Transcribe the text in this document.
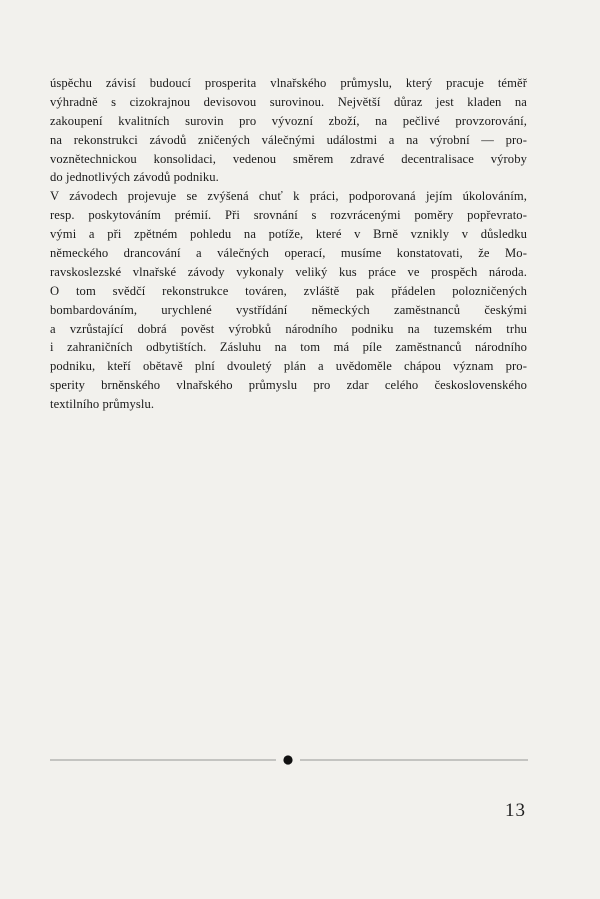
úspěchu závisí budoucí prosperita vlnařského průmyslu, který pracuje téměř
výhradně s cizokrajnou devisovou surovinou. Největší důraz jest kladen na
zakoupení kvalitních surovin pro vývozní zboží, na pečlivé provzorování,
na rekonstrukci závodů zničených válečnými událostmi a na výrobní — pro-
voznětechnickou konsolidaci, vedenou směrem zdravé decentralisace výroby
do jednotlivých závodů podniku.
V závodech projevuje se zvýšená chuť k práci, podporovaná jejím úkolováním,
resp. poskytováním prémií. Při srovnání s rozvrácenými poměry popřevrato-
vými a při zpětném pohledu na potíže, které v Brně vznikly v důsledku
německého drancování a válečných operací, musíme konstatovati, že Mo-
ravskoslezské vlnařské závody vykonaly veliký kus práce ve prospěch národa.
O tom svědčí rekonstrukce továren, zvláště pak přádelen polozničených
bombardováním, urychlené vystřídání německých zaměstnanců českými
a vzrůstající dobrá pověst výrobků národního podniku na tuzemském trhu
i zahraničních odbytištích. Zásluhu na tom má píle zaměstnanců národního
podniku, kteří obětavě plní dvouletý plán a uvědoměle chápou význam pro-
sperity brněnského vlnařského průmyslu pro zdar celého československého
textilního průmyslu.
13
